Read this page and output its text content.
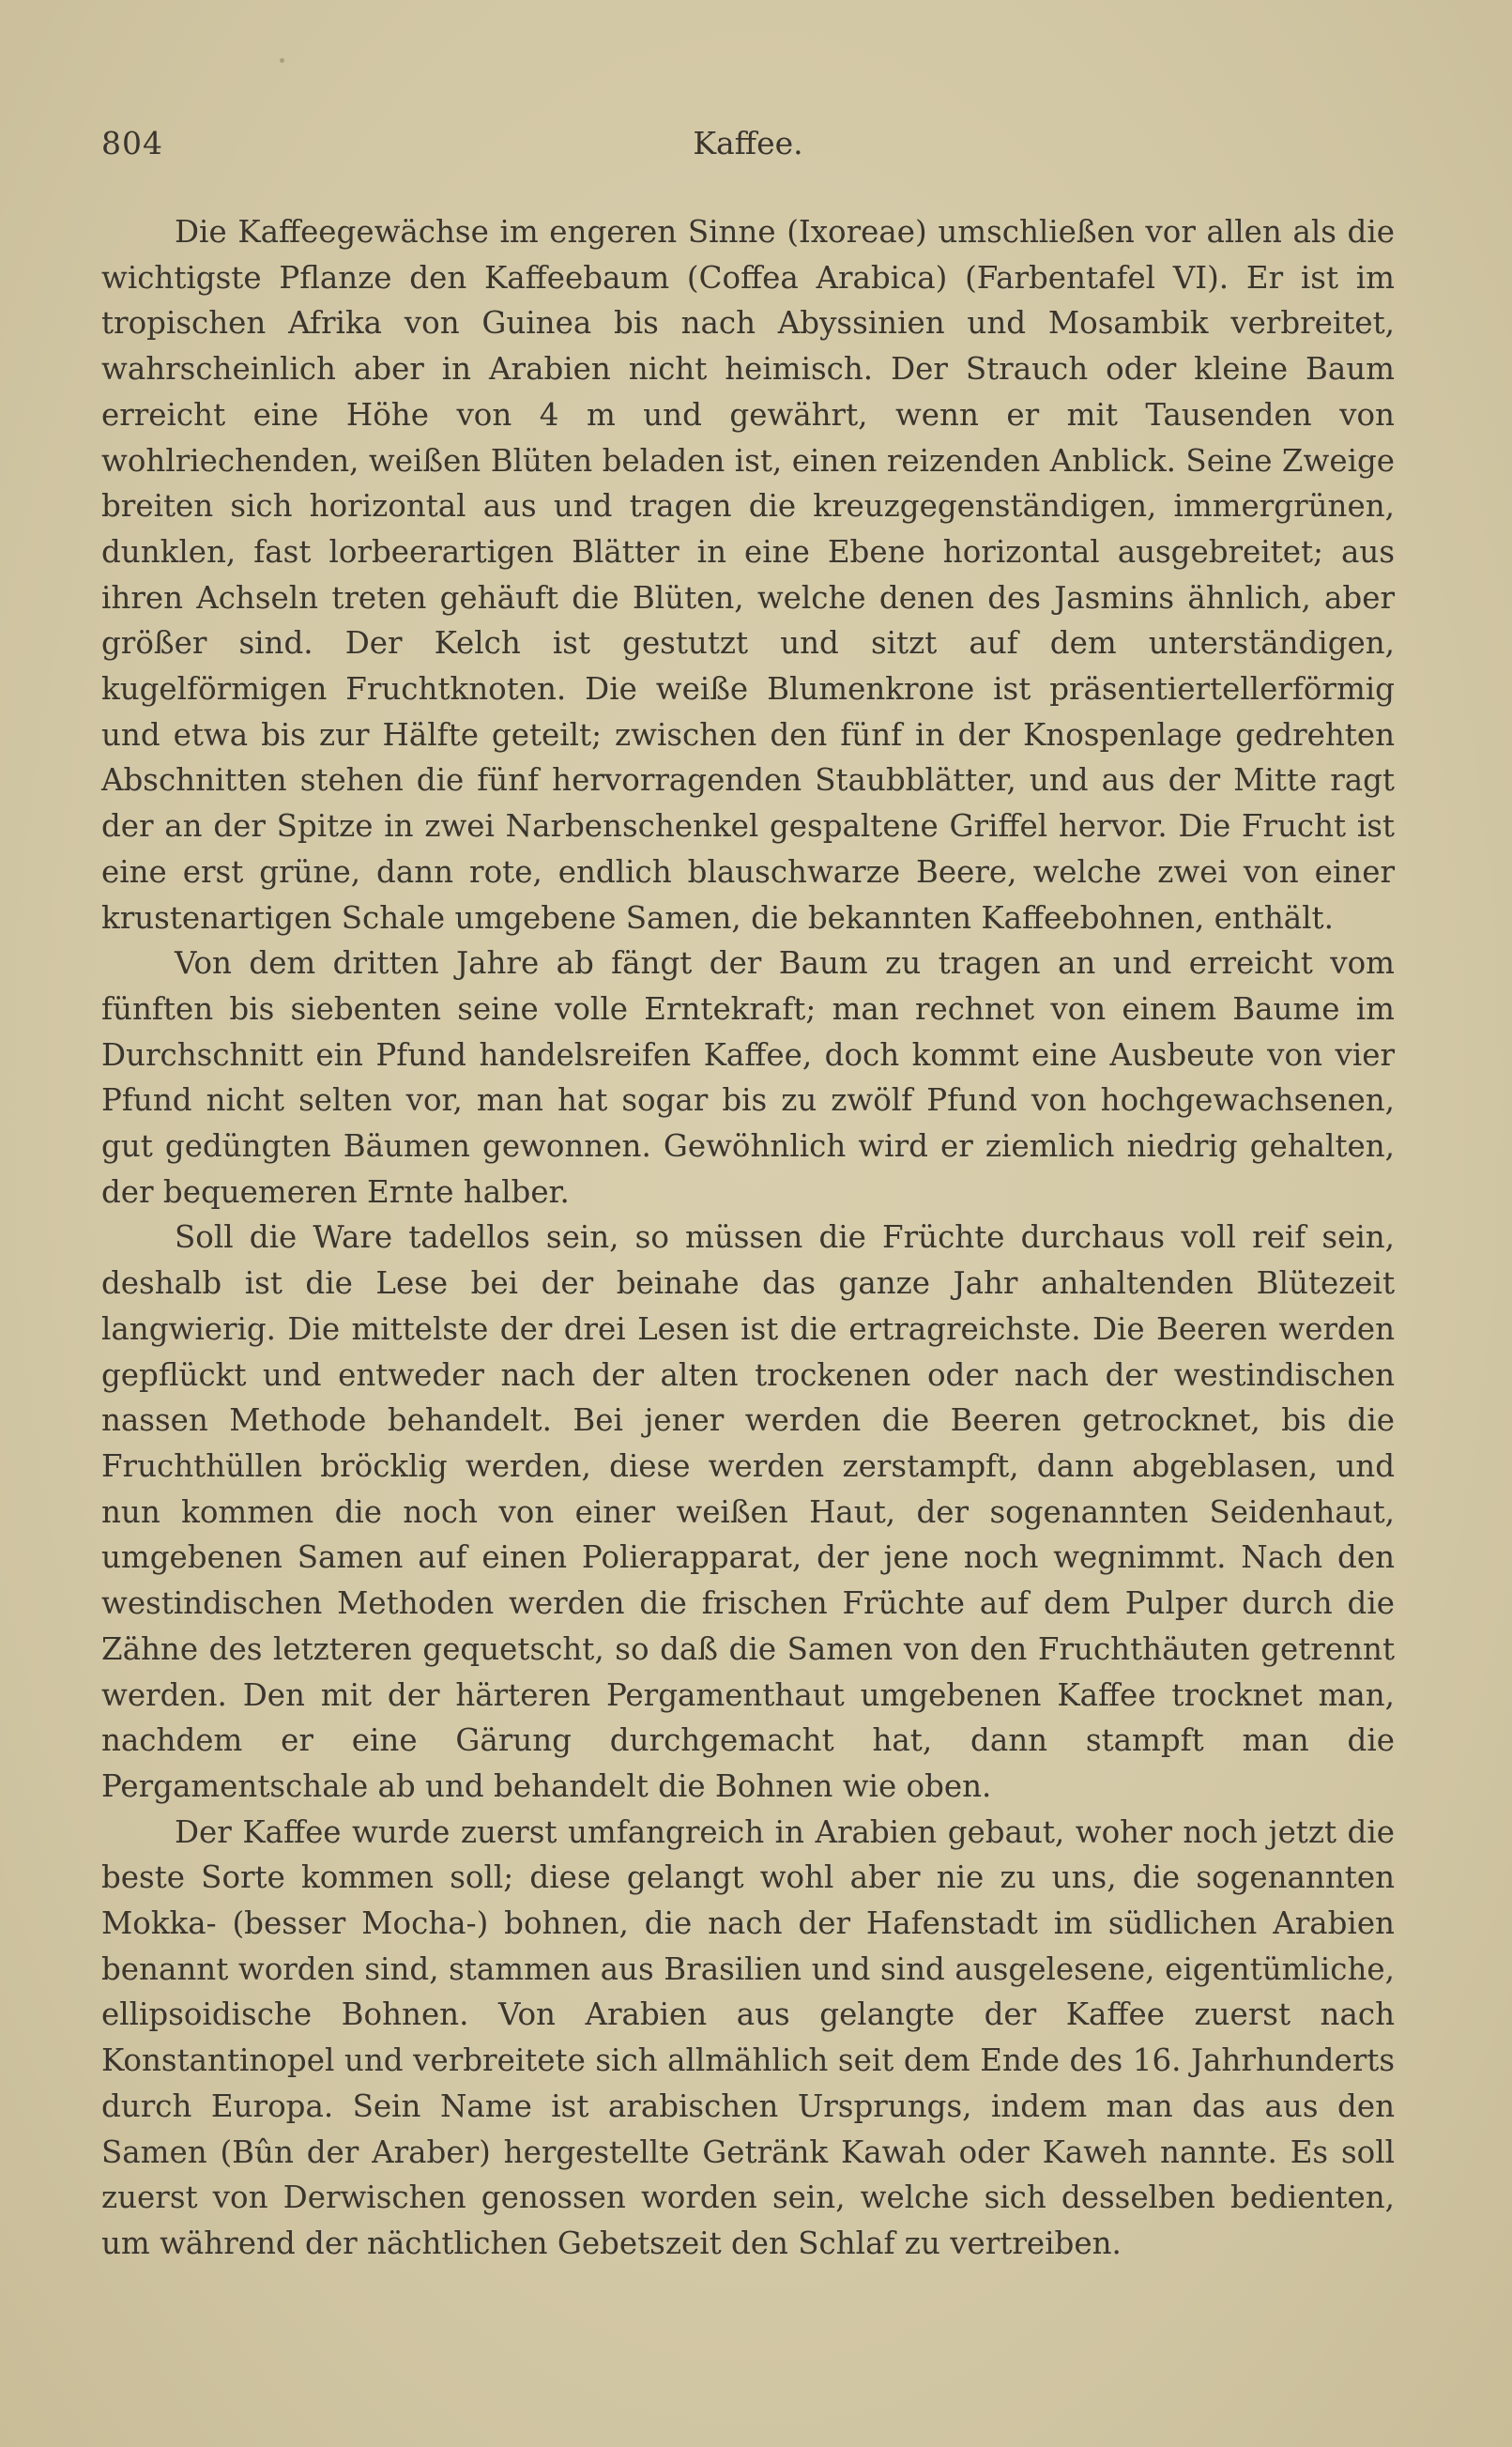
804	Kaffee.

Die Kaffeegewächse im engeren Sinne (Ixoreae) umschließen vor allen als die wichtigste Pflanze den Kaffeebaum (Coffea Arabica) (Farbentafel VI). Er ist im tropischen Afrika von Guinea bis nach Abyssinien und Mosambik verbreitet, wahrscheinlich aber in Arabien nicht heimisch. Der Strauch oder kleine Baum erreicht eine Höhe von 4 m und gewährt, wenn er mit Tausenden von wohlriechenden, weißen Blüten beladen ist, einen reizenden Anblick. Seine Zweige breiten sich horizontal aus und tragen die kreuzgegenständigen, immergrünen, dunklen, fast lorbeerartigen Blätter in eine Ebene horizontal ausgebreitet; aus ihren Achseln treten gehäuft die Blüten, welche denen des Jasmins ähnlich, aber größer sind. Der Kelch ist gestutzt und sitzt auf dem unterständigen, kugelförmigen Fruchtknoten. Die weiße Blumenkrone ist präsentiertellerförmig und etwa bis zur Hälfte geteilt; zwischen den fünf in der Knospenlage gedrehten Abschnitten stehen die fünf hervorragenden Staubblätter, und aus der Mitte ragt der an der Spitze in zwei Narbenschenkel gespaltene Griffel hervor. Die Frucht ist eine erst grüne, dann rote, endlich blauschwarze Beere, welche zwei von einer krustenartigen Schale umgebene Samen, die bekannten Kaffeebohnen, enthält.

Von dem dritten Jahre ab fängt der Baum zu tragen an und erreicht vom fünften bis siebenten seine volle Erntekraft; man rechnet von einem Baume im Durchschnitt ein Pfund handelsreifen Kaffee, doch kommt eine Ausbeute von vier Pfund nicht selten vor, man hat sogar bis zu zwölf Pfund von hochgewachsenen, gut gedüngten Bäumen gewonnen. Gewöhnlich wird er ziemlich niedrig gehalten, der bequemeren Ernte halber.

Soll die Ware tadellos sein, so müssen die Früchte durchaus voll reif sein, deshalb ist die Lese bei der beinahe das ganze Jahr anhaltenden Blütezeit langwierig. Die mittelste der drei Lesen ist die ertragreichste. Die Beeren werden gepflückt und entweder nach der alten trockenen oder nach der westindischen nassen Methode behandelt. Bei jener werden die Beeren getrocknet, bis die Fruchthüllen bröcklig werden, diese werden zerstampft, dann abgeblasen, und nun kommen die noch von einer weißen Haut, der sogenannten Seidenhaut, umgebenen Samen auf einen Polierapparat, der jene noch wegnimmt. Nach den westindischen Methoden werden die frischen Früchte auf dem Pulper durch die Zähne des letzteren gequetscht, so daß die Samen von den Fruchthäuten getrennt werden. Den mit der härteren Pergamenthaut umgebenen Kaffee trocknet man, nachdem er eine Gärung durchgemacht hat, dann stampft man die Pergamentschale ab und behandelt die Bohnen wie oben.

Der Kaffee wurde zuerst umfangreich in Arabien gebaut, woher noch jetzt die beste Sorte kommen soll; diese gelangt wohl aber nie zu uns, die sogenannten Mokka- (besser Mocha-) bohnen, die nach der Hafenstadt im südlichen Arabien benannt worden sind, stammen aus Brasilien und sind ausgelesene, eigentümliche, ellipsoidische Bohnen. Von Arabien aus gelangte der Kaffee zuerst nach Konstantinopel und verbreitete sich allmählich seit dem Ende des 16. Jahrhunderts durch Europa. Sein Name ist arabischen Ursprungs, indem man das aus den Samen (Bûn der Araber) hergestellte Getränk Kawah oder Kaweh nannte. Es soll zuerst von Derwischen genossen worden sein, welche sich desselben bedienten, um während der nächtlichen Gebetszeit den Schlaf zu vertreiben.
